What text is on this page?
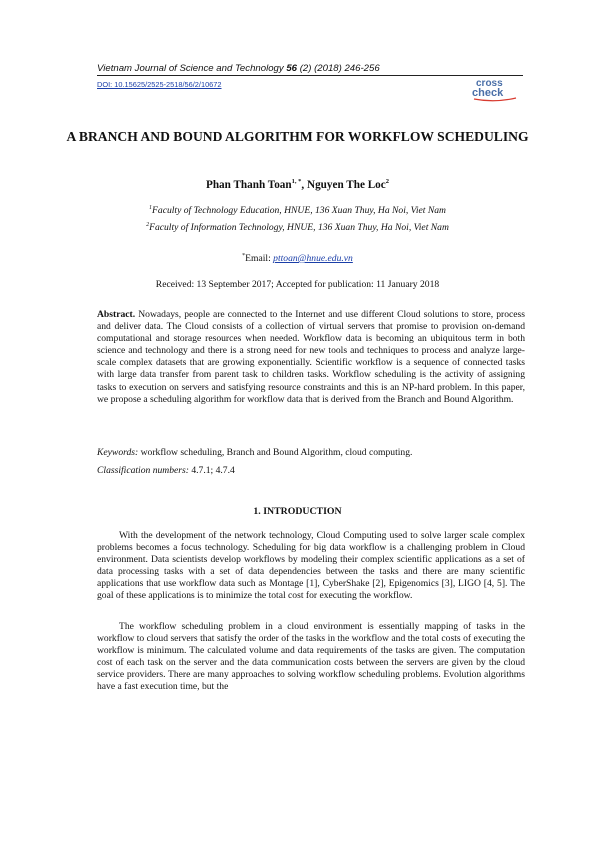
Vietnam Journal of Science and Technology 56 (2) (2018) 246-256
DOI: 10.15625/2525-2518/56/2/10672	cross
check
A BRANCH AND BOUND ALGORITHM FOR WORKFLOW SCHEDULING
Phan Thanh Toan$^{1, *}$, Nguyen The Loc$^2$
$^1$Faculty of Technology Education, HNUE, 136 Xuan Thuy, Ha Noi, Viet Nam
$^2$Faculty of Information Technology, HNUE, 136 Xuan Thuy, Ha Noi, Viet Nam
*Email: pttoan@hnue.edu.vn
Received: 13 September 2017; Accepted for publication: 11 January 2018

Abstract. Nowadays, people are connected to the Internet and use different Cloud solutions to store, process and deliver data. The Cloud consists of a collection of virtual servers that promise to provision on-demand computational and storage resources when needed. Workflow data is becoming an ubiquitous term in both science and technology and there is a strong need for new tools and techniques to process and analyze large-scale complex datasets that are growing exponentially. Scientific workflow is a sequence of connected tasks with large data transfer from parent task to children tasks. Workflow scheduling is the activity of assigning tasks to execution on servers and satisfying resource constraints and this is an NP-hard problem. In this paper, we propose a scheduling algorithm for workflow data that is derived from the Branch and Bound Algorithm.

Keywords: workflow scheduling, Branch and Bound Algorithm, cloud computing.

Classification numbers: 4.7.1; 4.7.4

1. INTRODUCTION

With the development of the network technology, Cloud Computing used to solve larger scale complex problems becomes a focus technology. Scheduling for big data workflow is a challenging problem in Cloud environment. Data scientists develop workflows by modeling their complex scientific applications as a set of data processing tasks with a set of data dependencies between the tasks and there are many scientific applications that use workflow data such as Montage [1], CyberShake [2], Epigenomics [3], LIGO [4, 5]. The goal of these applications is to minimize the total cost for executing the workflow.

The workflow scheduling problem in a cloud environment is essentially mapping of tasks in the workflow to cloud servers that satisfy the order of the tasks in the workflow and the total costs of executing the workflow is minimum. The calculated volume and data requirements of the tasks are given. The computation cost of each task on the server and the data communication costs between the servers are given by the cloud service providers. There are many approaches to solving workflow scheduling problems. Evolution algorithms have a fast execution time, but the
